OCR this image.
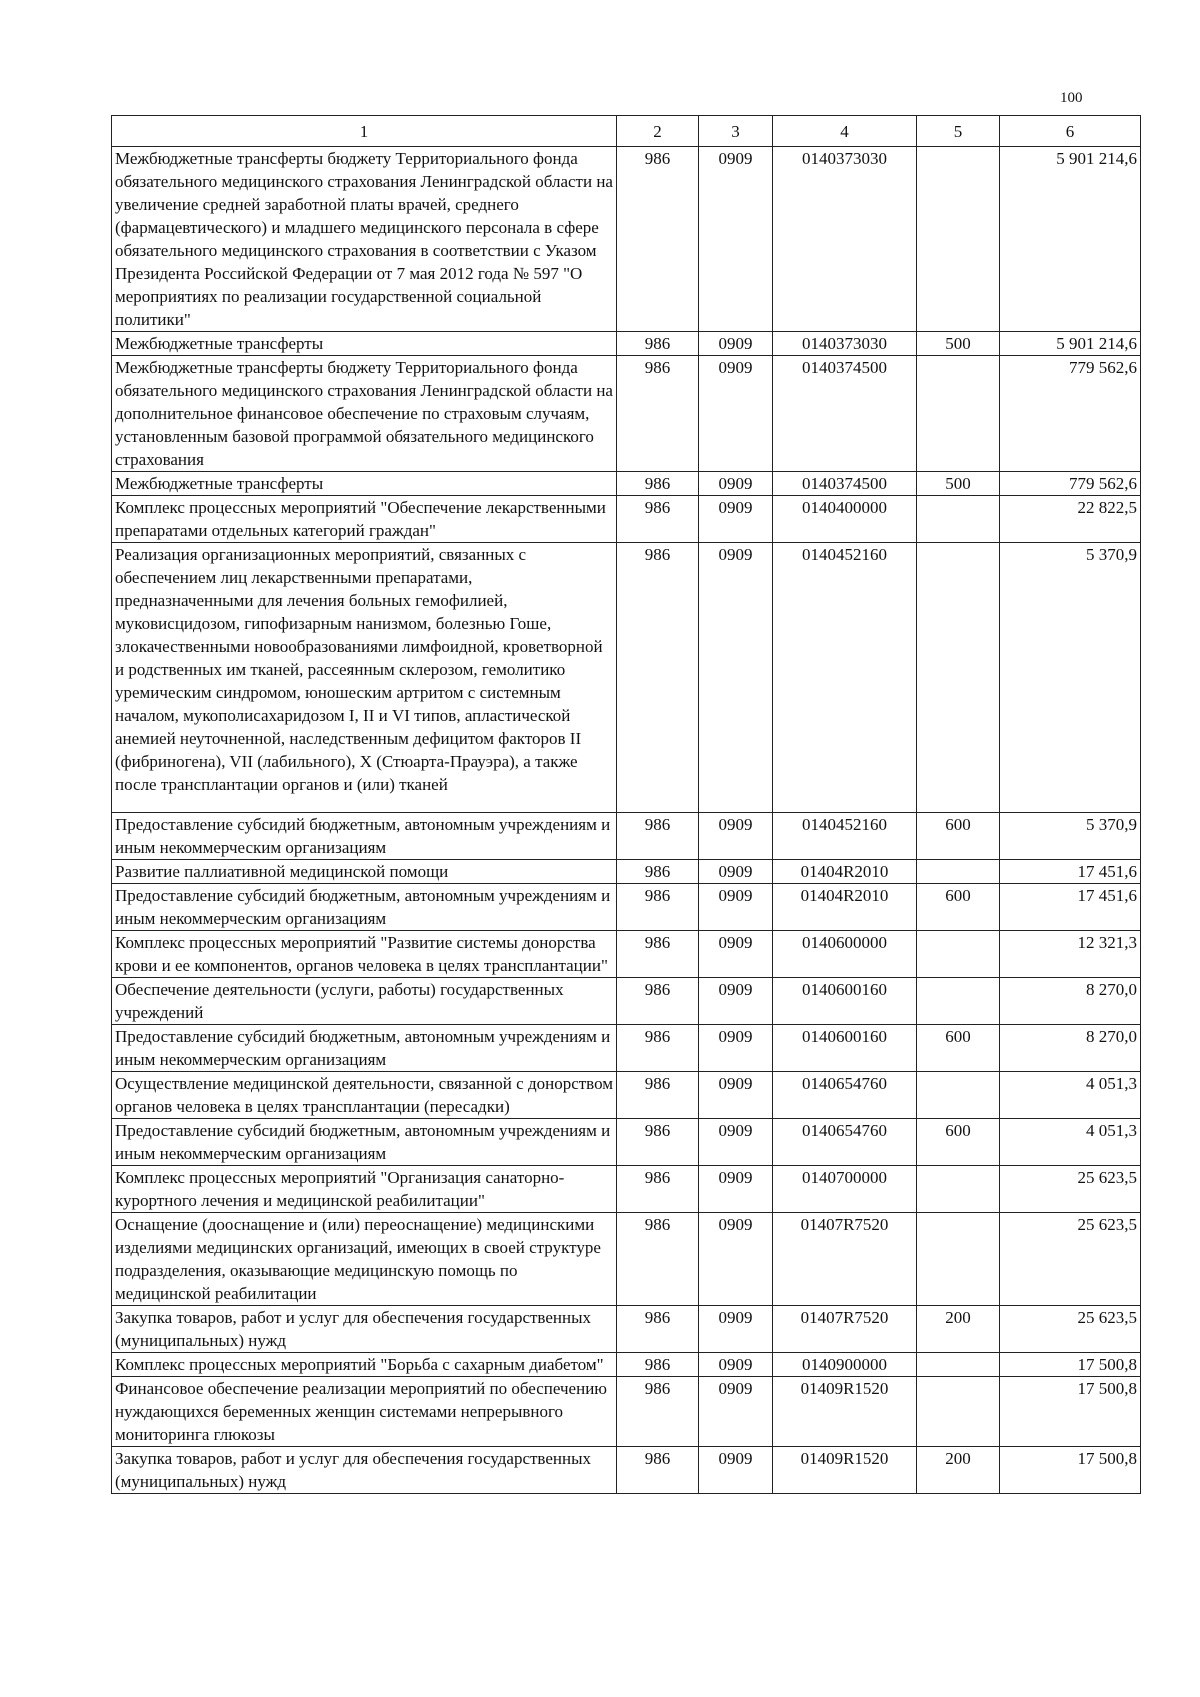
100
1	2	3	4	5	6
Межбюджетные трансферты бюджету Территориального фонда обязательного медицинского страхования Ленинградской области на увеличение средней заработной платы врачей, среднего (фармацевтического) и младшего медицинского персонала в сфере обязательного медицинского страхования в соответствии с Указом Президента Российской Федерации от 7 мая 2012 года № 597 "О мероприятиях по реализации государственной социальной политики"	986	0909	0140373030		5 901 214,6
Межбюджетные трансферты	986	0909	0140373030	500	5 901 214,6
Межбюджетные трансферты бюджету Территориального фонда обязательного медицинского страхования Ленинградской области на дополнительное финансовое обеспечение по страховым случаям, установленным базовой программой обязательного медицинского страхования	986	0909	0140374500		779 562,6
Межбюджетные трансферты	986	0909	0140374500	500	779 562,6
Комплекс процессных мероприятий "Обеспечение лекарственными препаратами отдельных категорий граждан"	986	0909	0140400000		22 822,5
Реализация организационных мероприятий, связанных с обеспечением лиц лекарственными препаратами, предназначенными для лечения больных гемофилией, муковисцидозом, гипофизарным нанизмом, болезнью Гоше, злокачественными новообразованиями лимфоидной, кроветворной и родственных им тканей, рассеянным склерозом, гемолитико уремическим синдромом, юношеским артритом с системным началом, мукополисахаридозом I, II и VI типов, апластической анемией неуточненной, наследственным дефицитом факторов II (фибриногена), VII (лабильного), X (Стюарта-Прауэра), а также после трансплантации органов и (или) тканей	986	0909	0140452160		5 370,9
Предоставление субсидий бюджетным, автономным учреждениям и иным некоммерческим организациям	986	0909	0140452160	600	5 370,9
Развитие паллиативной медицинской помощи	986	0909	01404R2010		17 451,6
Предоставление субсидий бюджетным, автономным учреждениям и иным некоммерческим организациям	986	0909	01404R2010	600	17 451,6
Комплекс процессных мероприятий "Развитие системы донорства крови и ее компонентов, органов человека в целях трансплантации"	986	0909	0140600000		12 321,3
Обеспечение деятельности (услуги, работы) государственных учреждений	986	0909	0140600160		8 270,0
Предоставление субсидий бюджетным, автономным учреждениям и иным некоммерческим организациям	986	0909	0140600160	600	8 270,0
Осуществление медицинской деятельности, связанной с донорством органов человека в целях трансплантации (пересадки)	986	0909	0140654760		4 051,3
Предоставление субсидий бюджетным, автономным учреждениям и иным некоммерческим организациям	986	0909	0140654760	600	4 051,3
Комплекс процессных мероприятий "Организация санаторно-курортного лечения и медицинской реабилитации"	986	0909	0140700000		25 623,5
Оснащение (дооснащение и (или) переоснащение) медицинскими изделиями медицинских организаций, имеющих в своей структуре подразделения, оказывающие медицинскую помощь по медицинской реабилитации	986	0909	01407R7520		25 623,5
Закупка товаров, работ и услуг для обеспечения государственных (муниципальных) нужд	986	0909	01407R7520	200	25 623,5
Комплекс процессных мероприятий "Борьба с сахарным диабетом"	986	0909	0140900000		17 500,8
Финансовое обеспечение реализации мероприятий по обеспечению нуждающихся беременных женщин системами непрерывного мониторинга глюкозы	986	0909	01409R1520		17 500,8
Закупка товаров, работ и услуг для обеспечения государственных (муниципальных) нужд	986	0909	01409R1520	200	17 500,8
